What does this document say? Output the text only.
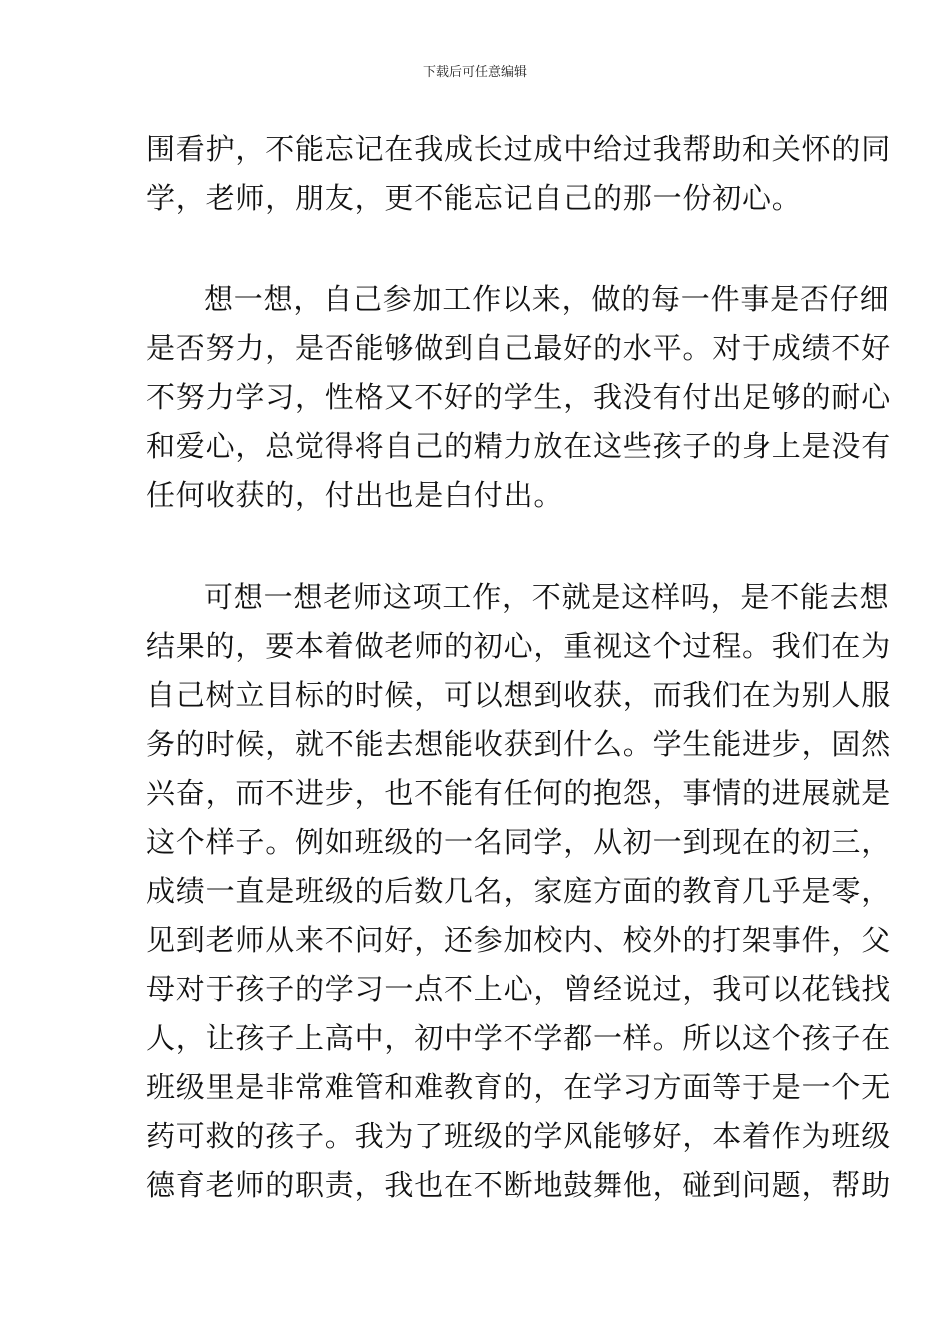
下载后可任意编辑
围看护，不能忘记在我成长过成中给过我帮助和关怀的同
学，老师，朋友，更不能忘记自己的那一份初心。
想一想，自己参加工作以来，做的每一件事是否仔细
是否努力，是否能够做到自己最好的水平。对于成绩不好
不努力学习，性格又不好的学生，我没有付出足够的耐心
和爱心，总觉得将自己的精力放在这些孩子的身上是没有
任何收获的，付出也是白付出。
可想一想老师这项工作，不就是这样吗，是不能去想
结果的，要本着做老师的初心，重视这个过程。我们在为
自己树立目标的时候，可以想到收获，而我们在为别人服
务的时候，就不能去想能收获到什么。学生能进步，固然
兴奋，而不进步，也不能有任何的抱怨，事情的进展就是
这个样子。例如班级的一名同学，从初一到现在的初三，
成绩一直是班级的后数几名，家庭方面的教育几乎是零，
见到老师从来不问好，还参加校内、校外的打架事件，父
母对于孩子的学习一点不上心，曾经说过，我可以花钱找
人，让孩子上高中，初中学不学都一样。所以这个孩子在
班级里是非常难管和难教育的，在学习方面等于是一个无
药可救的孩子。我为了班级的学风能够好，本着作为班级
德育老师的职责，我也在不断地鼓舞他，碰到问题，帮助
